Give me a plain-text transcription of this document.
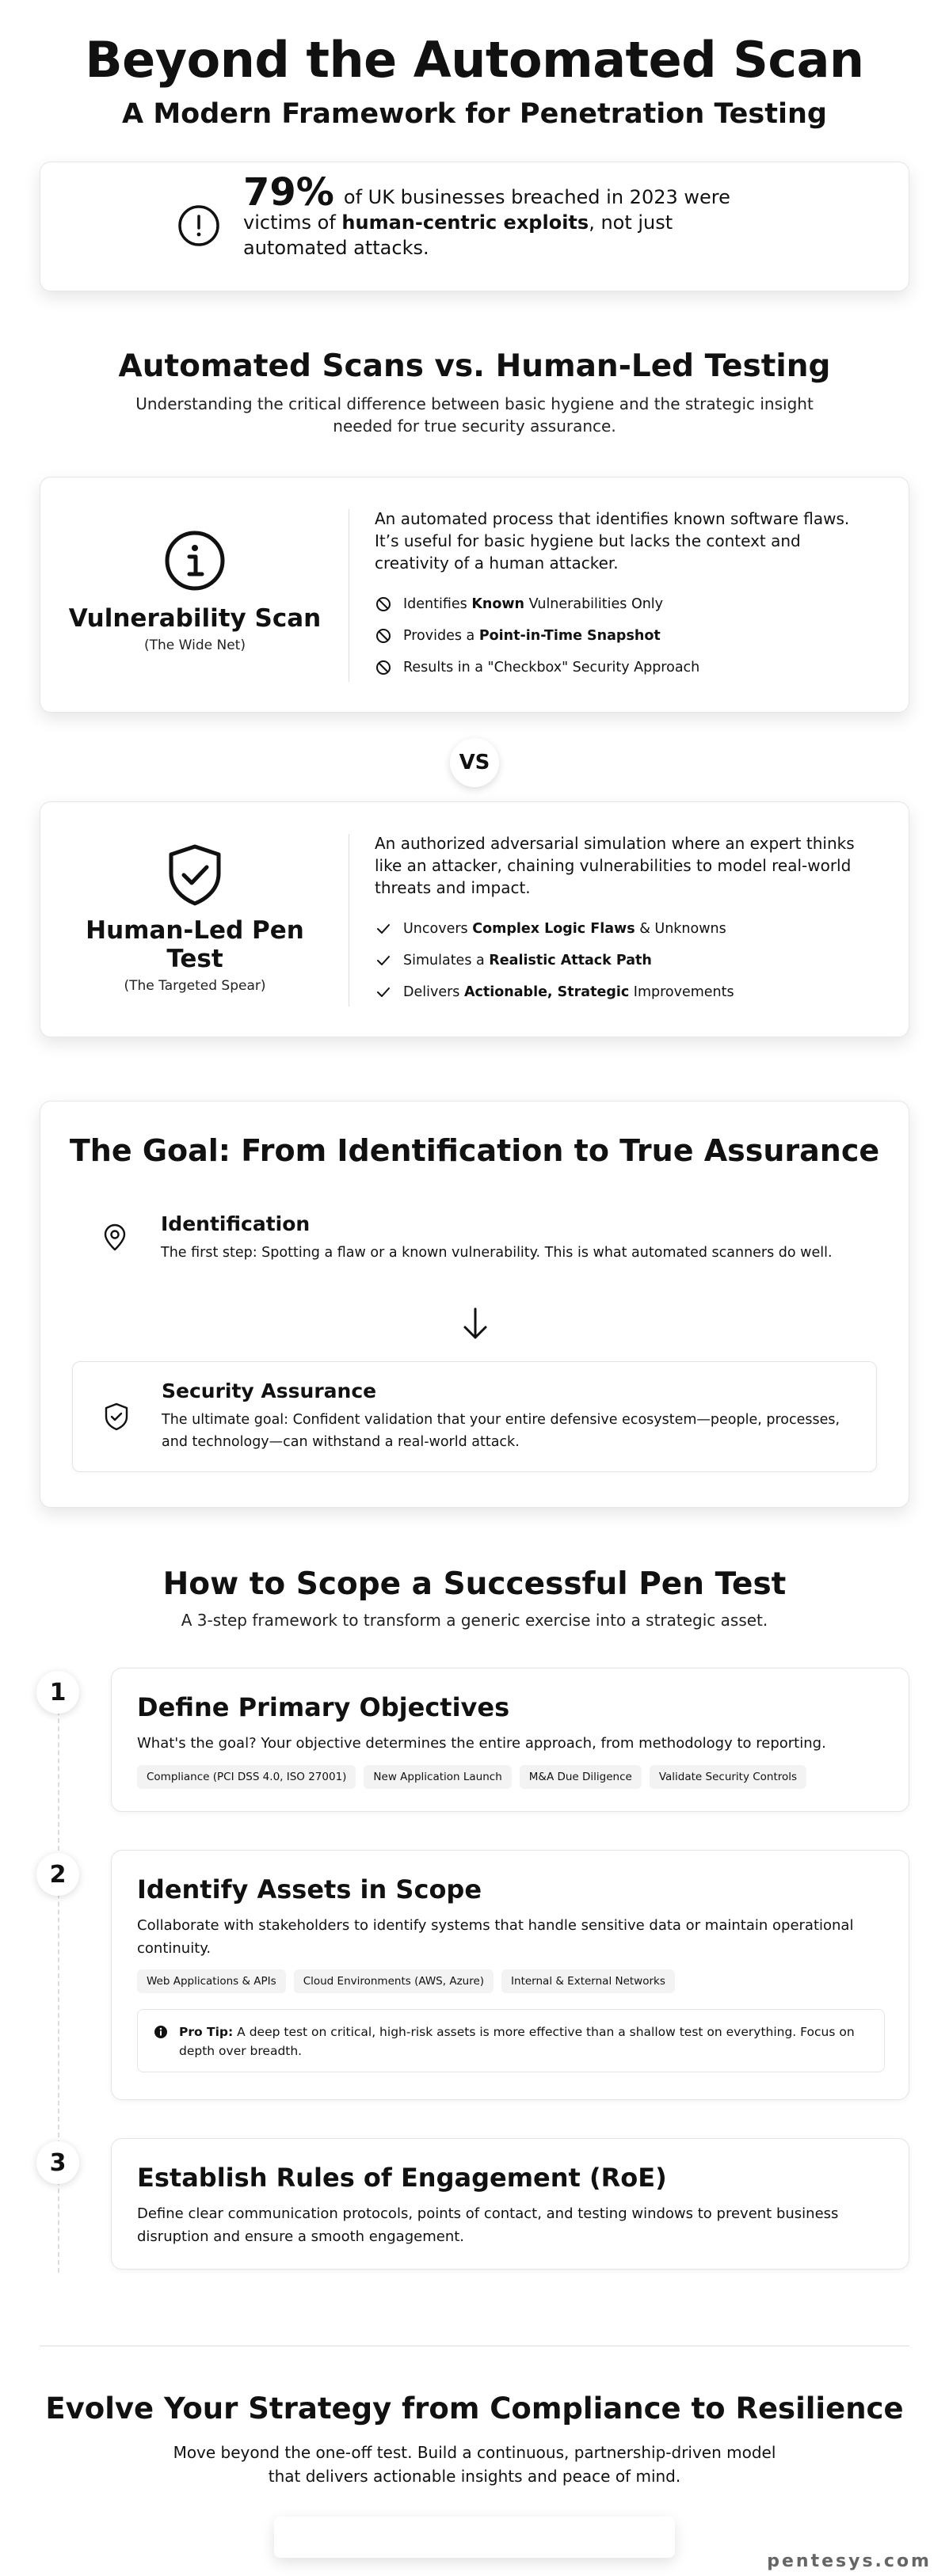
Beyond the Automated Scan
A Modern Framework for Penetration Testing
79% of UK businesses breached in 2023 were victims of human-centric exploits, not just automated attacks.
Automated Scans vs. Human-Led Testing

Understanding the critical difference between basic hygiene and the strategic insight needed for true security assurance.

Vulnerability Scan
(The Wide Net)

An automated process that identifies known software flaws. It’s useful for basic hygiene but lacks the context and creativity of a human attacker.

Identifies Known Vulnerabilities Only
Provides a Point-in-Time Snapshot
Results in a "Checkbox" Security Approach
VS
Human-Led Pen Test
(The Targeted Spear)

An authorized adversarial simulation where an expert thinks like an attacker, chaining vulnerabilities to model real-world threats and impact.

Uncovers Complex Logic Flaws & Unknowns
Simulates a Realistic Attack Path
Delivers Actionable, Strategic Improvements
The Goal: From Identification to True Assurance
Identification
The first step: Spotting a flaw or a known vulnerability. This is what automated scanners do well.
Security Assurance
The ultimate goal: Confident validation that your entire defensive ecosystem—people, processes, and technology—can withstand a real-world attack.
How to Scope a Successful Pen Test

A 3-step framework to transform a generic exercise into a strategic asset.

1	Define Primary Objectives
What's the goal? Your objective determines the entire approach, from methodology to reporting.
Compliance (PCI DSS 4.0, ISO 27001)	New Application Launch	M&A Due Diligence	Validate Security Controls
2	Identify Assets in Scope
Collaborate with stakeholders to identify systems that handle sensitive data or maintain operational continuity.
Web Applications & APIs	Cloud Environments (AWS, Azure)	Internal & External Networks
Pro Tip: A deep test on critical, high-risk assets is more effective than a shallow test on everything. Focus on depth over breadth.
3	Establish Rules of Engagement (RoE)
Define clear communication protocols, points of contact, and testing windows to prevent business disruption and ensure a smooth engagement.
Evolve Your Strategy from Compliance to Resilience

Move beyond the one-off test. Build a continuous, partnership-driven model that delivers actionable insights and peace of mind.

pentesys.com
